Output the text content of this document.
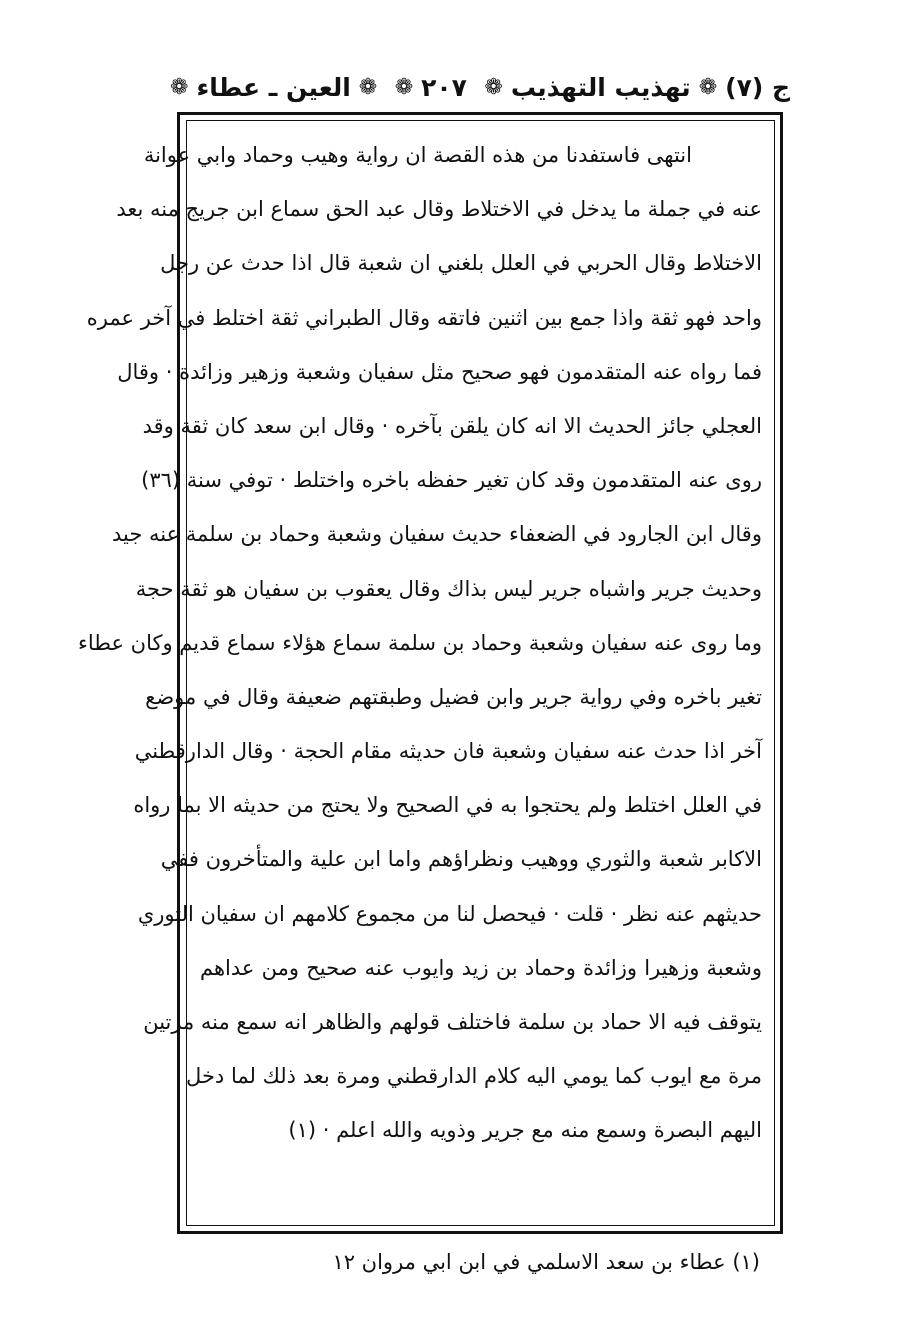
ج (٧)
❁
تهذيب التهذيب
❁
٢٠٧
❁
❁
العين ـ عطاء
❁
انتهى فاستفدنا من هذه القصة ان رواية وهيب وحماد وابي عوانة
عنه في جملة ما يدخل في الاختلاط وقال عبد الحق سماع ابن جريج منه بعد
الاختلاط وقال الحربي في العلل بلغني ان شعبة قال اذا حدث عن رجل
واحد فهو ثقة واذا جمع بين اثنين فاتقه وقال الطبراني ثقة اختلط في آخر عمره
فما رواه عنه المتقدمون فهو صحيح مثل سفيان وشعبة وزهير وزائدة · وقال
العجلي جائز الحديث الا انه كان يلقن بآخره · وقال ابن سعد كان ثقة وقد
روى عنه المتقدمون وقد كان تغير حفظه باخره واختلط · توفي سنة (٣٦)
وقال ابن الجارود في الضعفاء حديث سفيان وشعبة وحماد بن سلمة عنه جيد
وحديث جرير واشباه جرير ليس بذاك وقال يعقوب بن سفيان هو ثقة حجة
وما روى عنه سفيان وشعبة وحماد بن سلمة سماع هؤلاء سماع قديم وكان عطاء
تغير باخره وفي رواية جرير وابن فضيل وطبقتهم ضعيفة وقال في موضع
آخر اذا حدث عنه سفيان وشعبة فان حديثه مقام الحجة · وقال الدارقطني
في العلل اختلط ولم يحتجوا به في الصحيح ولا يحتج من حديثه الا بما رواه
الاكابر شعبة والثوري ووهيب ونظراؤهم واما ابن علية والمتأخرون ففي
حديثهم عنه نظر · قلت · فيحصل لنا من مجموع كلامهم ان سفيان الثوري
وشعبة وزهيرا وزائدة وحماد بن زيد وايوب عنه صحيح ومن عداهم
يتوقف فيه الا حماد بن سلمة فاختلف قولهم والظاهر انه سمع منه مرتين
مرة مع ايوب كما يومي اليه كلام الدارقطني ومرة بعد ذلك لما دخل
اليهم البصرة وسمع منه مع جرير وذويه والله اعلم · (١)
(١) عطاء بن سعد الاسلمي في ابن ابي مروان ١٢
